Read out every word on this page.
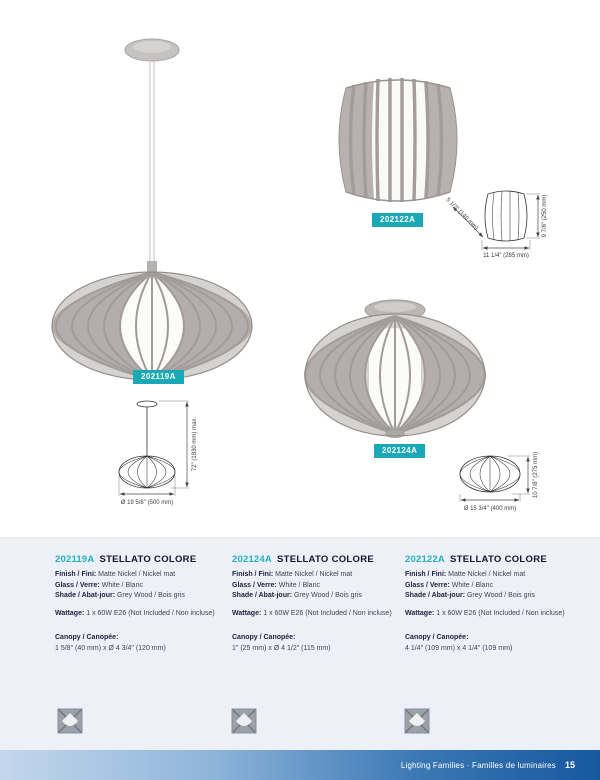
202119A
202122A	9 7/8" (250 mm)
5 1/2" (140 mm)
11 1/4" (285 mm)
202124A
Ø 15 3/4" (400 mm)
10 7/8" (275 mm)
Ø 19 5/8" (500 mm)
72" (1830 mm) max.
202119A STELLATO COLORE
Finish / Fini: Matte Nickel / Nickel mat
Glass / Verre: White / Blanc
Shade / Abat-jour: Grey Wood / Bois gris
Wattage: 1 x 60W E26 (Not Included / Non incluse)
Canopy / Canopée:
1 5/8" (40 mm) x Ø 4 3/4" (120 mm)
202124A STELLATO COLORE
Finish / Fini: Matte Nickel / Nickel mat
Glass / Verre: White / Blanc
Shade / Abat-jour: Grey Wood / Bois gris
Wattage: 1 x 60W E26 (Not Included / Non incluse)
Canopy / Canopée:
1" (25 mm) x Ø 4 1/2" (115 mm)
202122A STELLATO COLORE
Finish / Fini: Matte Nickel / Nickel mat
Glass / Verre: White / Blanc
Shade / Abat-jour: Grey Wood / Bois gris
Wattage: 1 x 60W E26 (Not Included / Non incluse)
Canopy / Canopée:
4 1/4" (109 mm) x 4 1/4" (109 mm)
Lighting Families · Familles de luminaires 15
